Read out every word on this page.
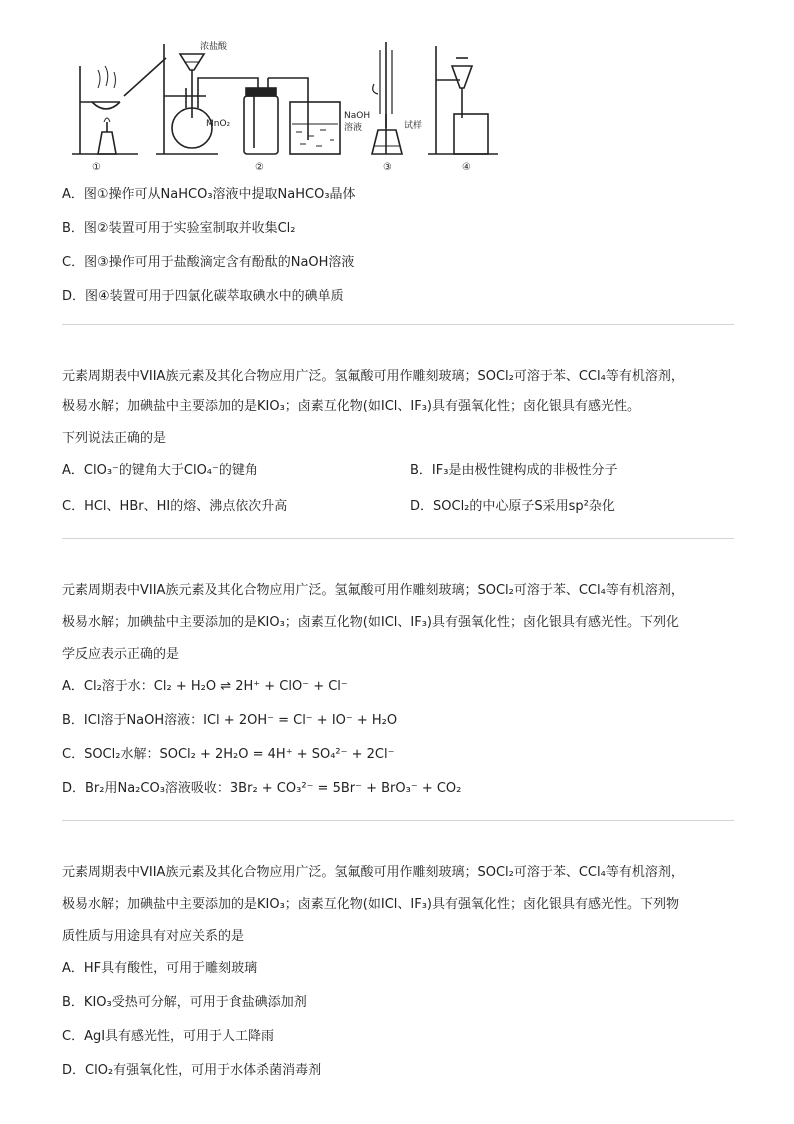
浓盐酸
MnO₂
NaOH
溶液	试样
①	②	③	④
A．图①操作可从NaHCO₃溶液中提取NaHCO₃晶体
B．图②装置可用于实验室制取并收集Cl₂
C．图③操作可用于盐酸滴定含有酚酞的NaOH溶液
D．图④装置可用于四氯化碳萃取碘水中的碘单质
元素周期表中VIIA族元素及其化合物应用广泛。氢氟酸可用作雕刻玻璃；SOCl₂可溶于苯、CCl₄等有机溶剂，
极易水解；加碘盐中主要添加的是KIO₃；卤素互化物(如ICl、IF₃)具有强氧化性；卤化银具有感光性。
下列说法正确的是
A．ClO₃⁻的键角大于ClO₄⁻的键角	B．IF₃是由极性键构成的非极性分子
C．HCl、HBr、HI的熔、沸点依次升高	D．SOCl₂的中心原子S采用sp²杂化
元素周期表中VIIA族元素及其化合物应用广泛。氢氟酸可用作雕刻玻璃；SOCl₂可溶于苯、CCl₄等有机溶剂，
极易水解；加碘盐中主要添加的是KIO₃；卤素互化物(如ICl、IF₃)具有强氧化性；卤化银具有感光性。下列化
学反应表示正确的是
A．Cl₂溶于水：Cl₂ + H₂O ⇌ 2H⁺ + ClO⁻ + Cl⁻
B．ICl溶于NaOH溶液：ICl + 2OH⁻ = Cl⁻ + IO⁻ + H₂O
C．SOCl₂水解：SOCl₂ + 2H₂O = 4H⁺ + SO₄²⁻ + 2Cl⁻
D．Br₂用Na₂CO₃溶液吸收：3Br₂ + CO₃²⁻ = 5Br⁻ + BrO₃⁻ + CO₂
元素周期表中VIIA族元素及其化合物应用广泛。氢氟酸可用作雕刻玻璃；SOCl₂可溶于苯、CCl₄等有机溶剂，
极易水解；加碘盐中主要添加的是KIO₃；卤素互化物(如ICl、IF₃)具有强氧化性；卤化银具有感光性。下列物
质性质与用途具有对应关系的是
A．HF具有酸性，可用于雕刻玻璃
B．KIO₃受热可分解，可用于食盐碘添加剂
C．AgI具有感光性，可用于人工降雨
D．ClO₂有强氧化性，可用于水体杀菌消毒剂
